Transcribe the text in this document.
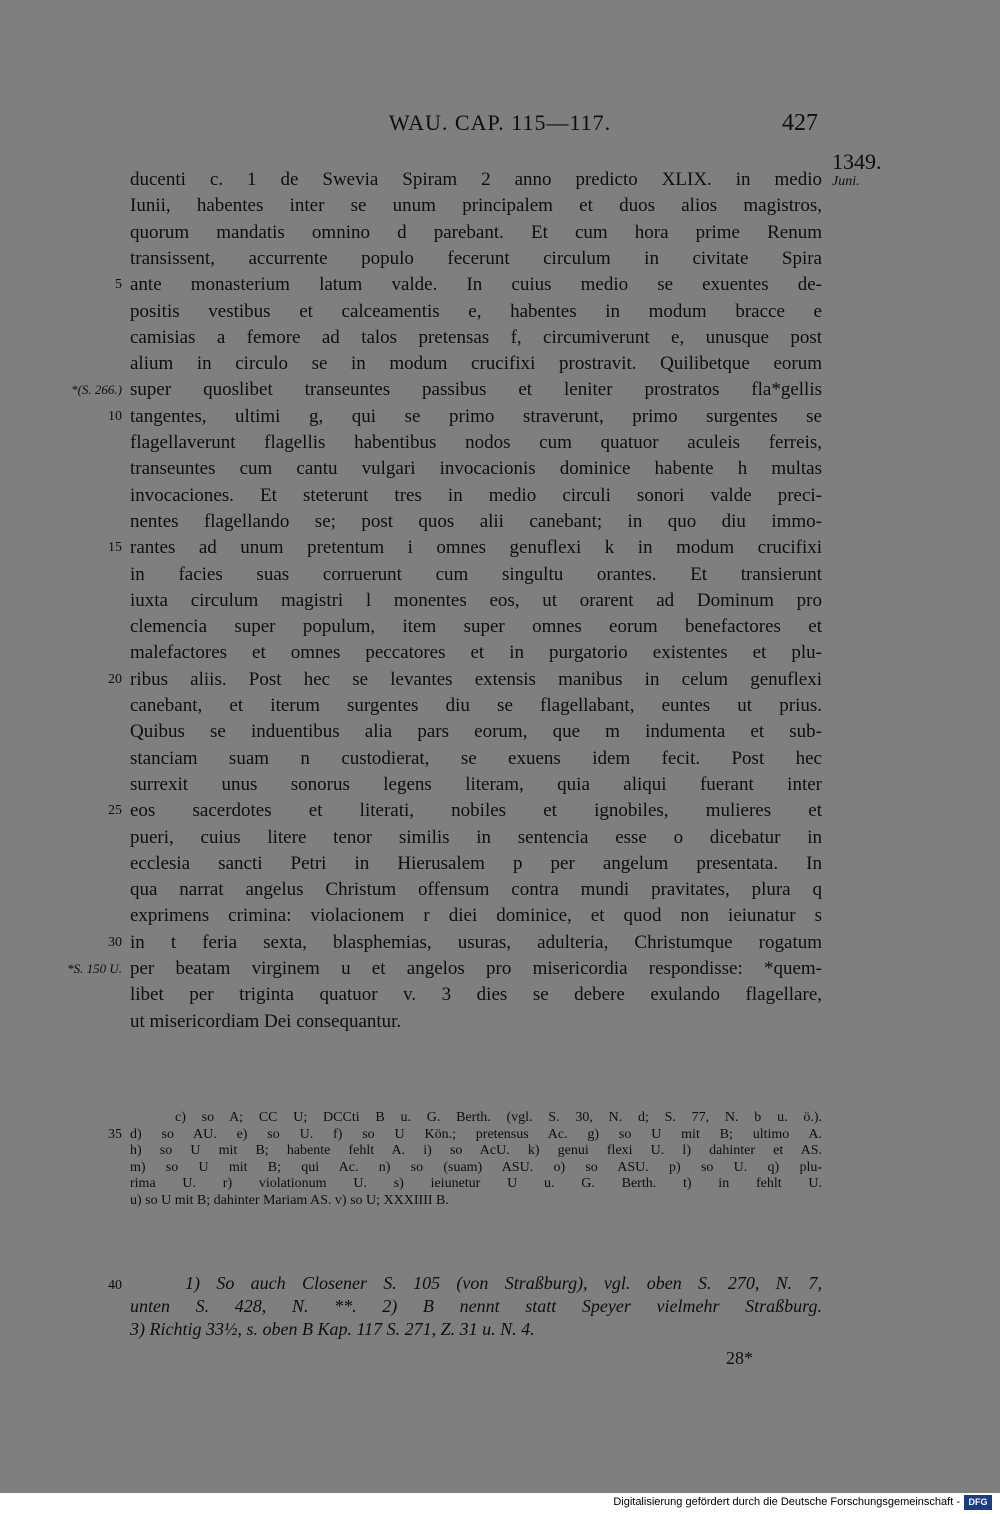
WAU. CAP. 115—117.	427
1349.
Juni.
ducenti c. 1 de Swevia Spiram 2 anno predicto XLIX. in medio
Iunii, habentes inter se unum principalem et duos alios magistros,
quorum mandatis omnino d parebant. Et cum hora prime Renum
transissent, accurrente populo fecerunt circulum in civitate Spira
ante monasterium latum valde. In cuius medio se exuentes de-
5
positis vestibus et calceamentis e, habentes in modum bracce e
camisias a femore ad talos pretensas f, circumiverunt e, unusque post
alium in circulo se in modum crucifixi prostravit. Quilibetque eorum
super quoslibet transeuntes passibus et leniter prostratos fla*gellis
*(S. 266.)
tangentes, ultimi g, qui se primo straverunt, primo surgentes se
10
flagellaverunt flagellis habentibus nodos cum quatuor aculeis ferreis,
transeuntes cum cantu vulgari invocacionis dominice habente h multas
invocaciones. Et steterunt tres in medio circuli sonori valde preci-
nentes flagellando se; post quos alii canebant; in quo diu immo-
rantes ad unum pretentum i omnes genuflexi k in modum crucifixi
15
in facies suas corruerunt cum singultu orantes. Et transierunt
iuxta circulum magistri l monentes eos, ut orarent ad Dominum pro
clemencia super populum, item super omnes eorum benefactores et
malefactores et omnes peccatores et in purgatorio existentes et plu-
ribus aliis. Post hec se levantes extensis manibus in celum genuflexi
20
canebant, et iterum surgentes diu se flagellabant, euntes ut prius.
Quibus se induentibus alia pars eorum, que m indumenta et sub-
stanciam suam n custodierat, se exuens idem fecit. Post hec
surrexit unus sonorus legens literam, quia aliqui fuerant inter
eos sacerdotes et literati, nobiles et ignobiles, mulieres et
25
pueri, cuius litere tenor similis in sentencia esse o dicebatur in
ecclesia sancti Petri in Hierusalem p per angelum presentata. In
qua narrat angelus Christum offensum contra mundi pravitates, plura q
exprimens crimina: violacionem r diei dominice, et quod non ieiunatur s
in t feria sexta, blasphemias, usuras, adulteria, Christumque rogatum
30
per beatam virginem u et angelos pro misericordia respondisse: *quem-
*S. 150 U.
libet per triginta quatuor v. 3 dies se debere exulando flagellare,
ut misericordiam Dei consequantur.
c) so A; CC U; DCCti B u. G. Berth. (vgl. S. 30, N. d; S. 77, N. b u. ö.).
d) so AU. e) so U. f) so U Kön.; pretensus Ac. g) so U mit B; ultimo A.
35
h) so U mit B; habente fehlt A. i) so AcU. k) genui flexi U. l) dahinter et AS.
m) so U mit B; qui Ac. n) so (suam) ASU. o) so ASU. p) so U. q) plu-
rima U. r) violationum U. s) ieiunetur U u. G. Berth. t) in fehlt U.
u) so U mit B; dahinter Mariam AS. v) so U; XXXIIII B.
1) So auch Closener S. 105 (von Straßburg), vgl. oben S. 270, N. 7,
40
unten S. 428, N. **. 2) B nennt statt Speyer vielmehr Straßburg.
3) Richtig 33½, s. oben B Kap. 117 S. 271, Z. 31 u. N. 4.
28*
Digitalisierung gefördert durch die Deutsche Forschungsgemeinschaft - DFG
